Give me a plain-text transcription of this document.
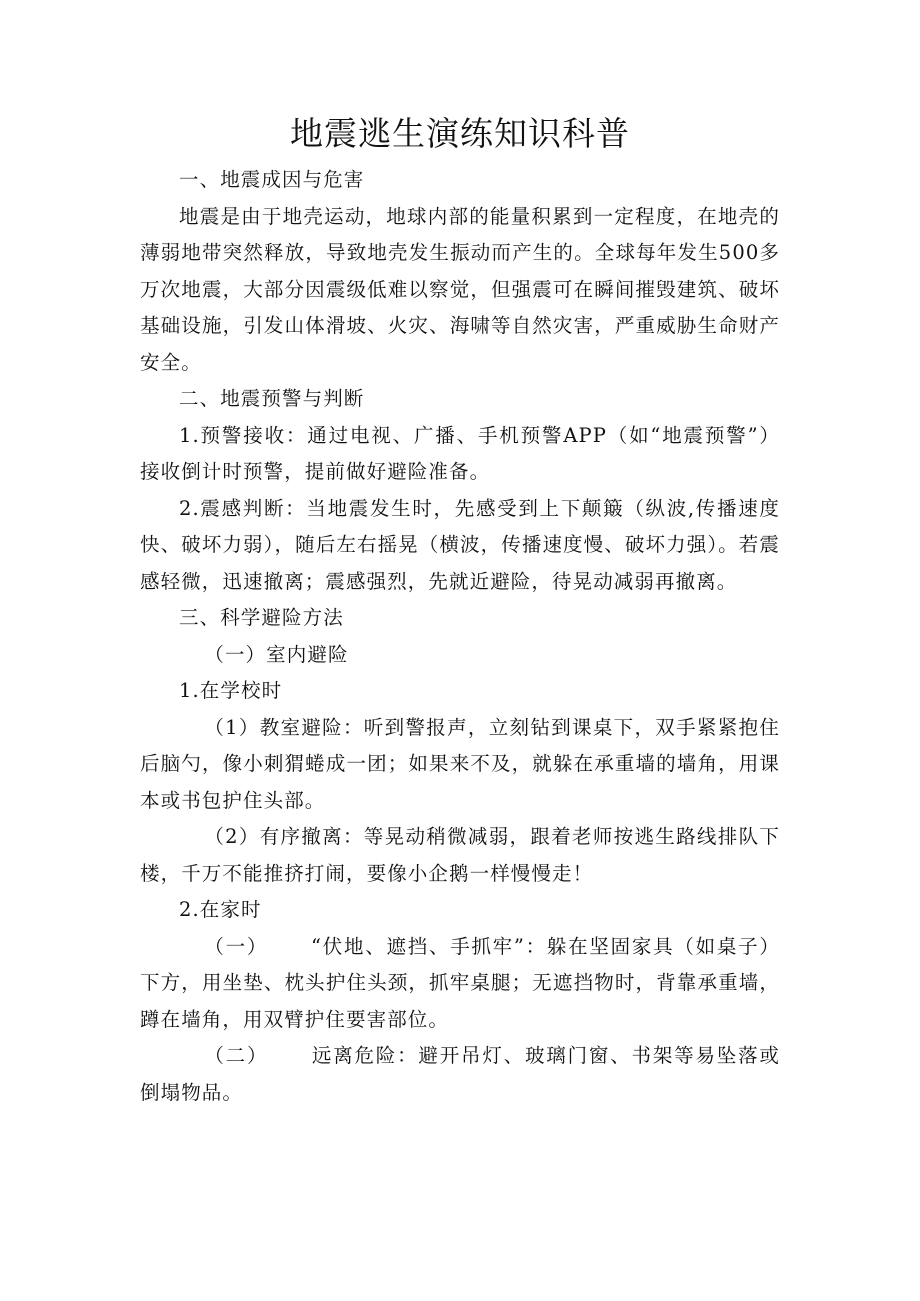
地震逃生演练知识科普

一、地震成因与危害

地震是由于地壳运动，地球内部的能量积累到一定程度，在地壳的薄弱地带突然释放，导致地壳发生振动而产生的。全球每年发生500多万次地震，大部分因震级低难以察觉，但强震可在瞬间摧毁建筑、破坏基础设施，引发山体滑坡、火灾、海啸等自然灾害，严重威胁生命财产安全。

二、地震预警与判断

1.预警接收：通过电视、广播、手机预警APP（如“地震预警”）接收倒计时预警，提前做好避险准备。

2.震感判断：当地震发生时，先感受到上下颠簸（纵波,传播速度快、破坏力弱），随后左右摇晃（横波，传播速度慢、破坏力强）。若震感轻微，迅速撤离；震感强烈，先就近避险，待晃动减弱再撤离。

三、科学避险方法

（一）室内避险

1.在学校时

（1）教室避险：听到警报声，立刻钻到课桌下，双手紧紧抱住后脑勺，像小刺猬蜷成一团；如果来不及，就躲在承重墙的墙角，用课本或书包护住头部。

（2）有序撤离：等晃动稍微减弱，跟着老师按逃生路线排队下楼，千万不能推挤打闹，要像小企鹅一样慢慢走！

2.在家时

（一） “伏地、遮挡、手抓牢”：躲在坚固家具（如桌子）下方，用坐垫、枕头护住头颈，抓牢桌腿；无遮挡物时，背靠承重墙，蹲在墙角，用双臂护住要害部位。

（二） 远离危险：避开吊灯、玻璃门窗、书架等易坠落或倒塌物品。
